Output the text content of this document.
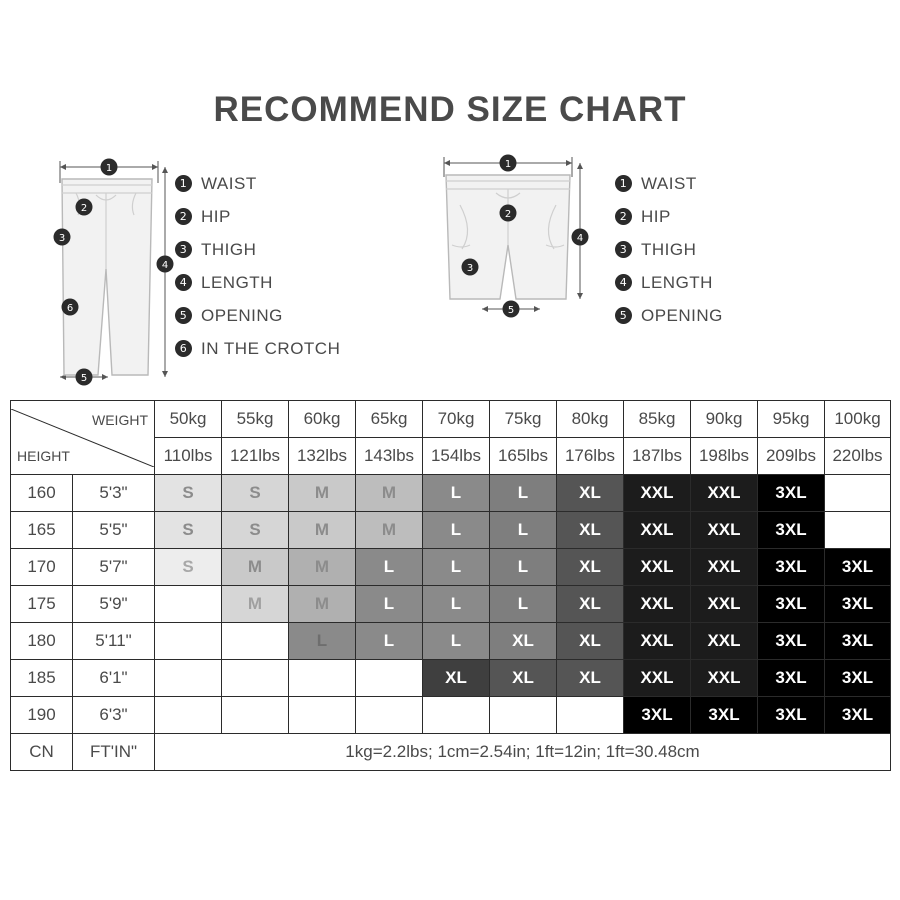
RECOMMEND SIZE CHART
1
2
3
4
5
6
1
2
3
4
5
1 WAIST
2 HIP
3 THIGH
4 LENGTH
5 OPENING
6 IN THE CROTCH
1 WAIST
2 HIP
3 THIGH
4 LENGTH
5 OPENING
WEIGHT
HEIGHT		50kg	55kg	60kg	65kg	70kg	75kg	80kg	85kg	90kg	95kg	100kg
		110lbs	121lbs	132lbs	143lbs	154lbs	165lbs	176lbs	187lbs	198lbs	209lbs	220lbs
160	5'3"	S	S	M	M	L	L	XL	XXL	XXL	3XL	
165	5'5"	S	S	M	M	L	L	XL	XXL	XXL	3XL	
170	5'7"	S	M	M	L	L	L	XL	XXL	XXL	3XL	3XL
175	5'9"		M	M	L	L	L	XL	XXL	XXL	3XL	3XL
180	5'11"			L	L	L	XL	XL	XXL	XXL	3XL	3XL
185	6'1"					XL	XL	XL	XXL	XXL	3XL	3XL
190	6'3"								3XL	3XL	3XL	3XL
CN	FT'IN"	1kg=2.2lbs; 1cm=2.54in; 1ft=12in; 1ft=30.48cm										
